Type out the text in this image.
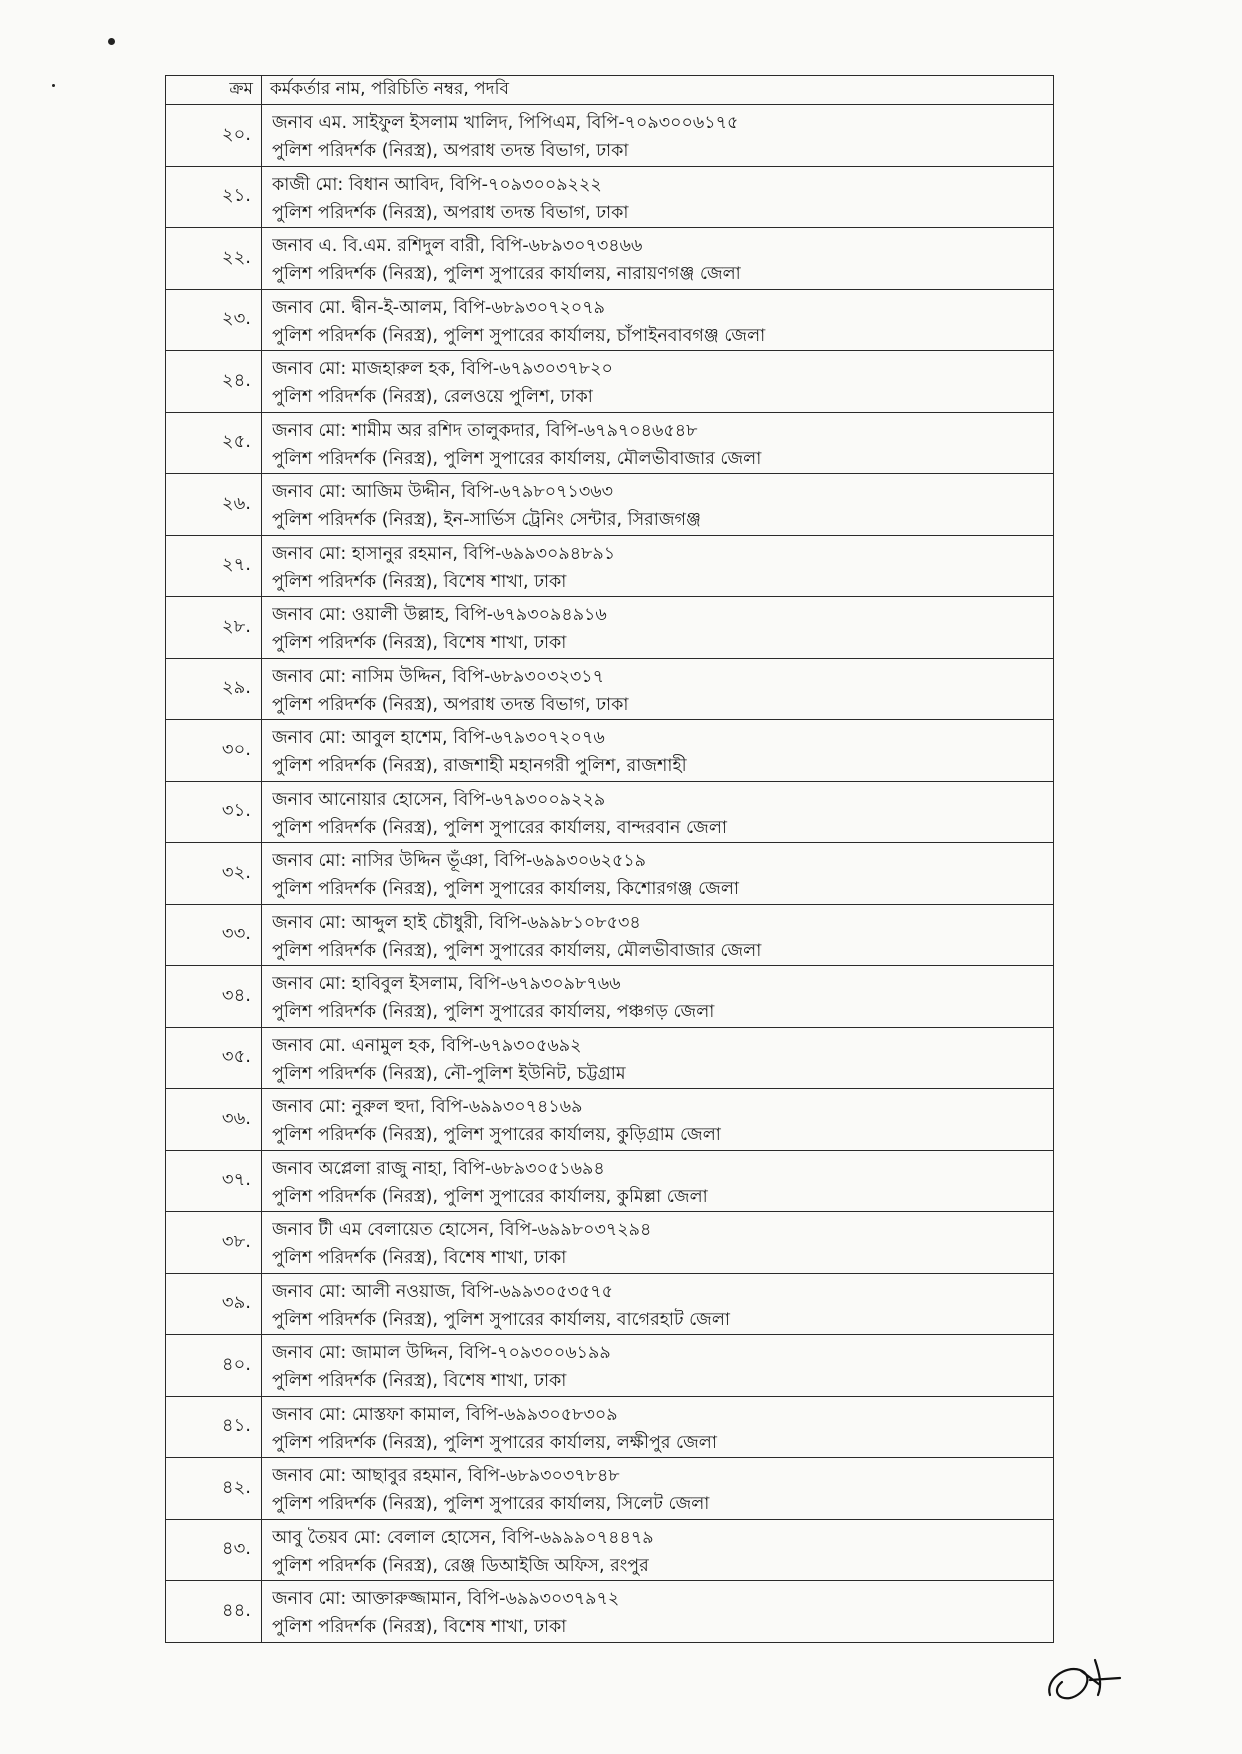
ক্রম	কর্মকর্তার নাম, পরিচিতি নম্বর, পদবি
২০.	জনাব এম. সাইফুল ইসলাম খালিদ, পিপিএম, বিপি-৭০৯৩০০৬১৭৫
পুলিশ পরিদর্শক (নিরস্ত্র), অপরাধ তদন্ত বিভাগ, ঢাকা

২১.	কাজী মো: বিধান আবিদ, বিপি-৭০৯৩০০৯২২২
পুলিশ পরিদর্শক (নিরস্ত্র), অপরাধ তদন্ত বিভাগ, ঢাকা

২২.	জনাব এ. বি.এম. রশিদুল বারী, বিপি-৬৮৯৩০৭৩৪৬৬
পুলিশ পরিদর্শক (নিরস্ত্র), পুলিশ সুপারের কার্যালয়, নারায়ণগঞ্জ জেলা

২৩.	জনাব মো. দ্বীন-ই-আলম, বিপি-৬৮৯৩০৭২০৭৯
পুলিশ পরিদর্শক (নিরস্ত্র), পুলিশ সুপারের কার্যালয়, চাঁপাইনবাবগঞ্জ জেলা

২৪.	জনাব মো: মাজহারুল হক, বিপি-৬৭৯৩০৩৭৮২০
পুলিশ পরিদর্শক (নিরস্ত্র), রেলওয়ে পুলিশ, ঢাকা

২৫.	জনাব মো: শামীম অর রশিদ তালুকদার, বিপি-৬৭৯৭০৪৬৫৪৮
পুলিশ পরিদর্শক (নিরস্ত্র), পুলিশ সুপারের কার্যালয়, মৌলভীবাজার জেলা

২৬.	জনাব মো: আজিম উদ্দীন, বিপি-৬৭৯৮০৭১৩৬৩
পুলিশ পরিদর্শক (নিরস্ত্র), ইন-সার্ভিস ট্রেনিং সেন্টার, সিরাজগঞ্জ

২৭.	জনাব মো: হাসানুর রহমান, বিপি-৬৯৯৩০৯৪৮৯১
পুলিশ পরিদর্শক (নিরস্ত্র), বিশেষ শাখা, ঢাকা

২৮.	জনাব মো: ওয়ালী উল্লাহ, বিপি-৬৭৯৩০৯৪৯১৬
পুলিশ পরিদর্শক (নিরস্ত্র), বিশেষ শাখা, ঢাকা

২৯.	জনাব মো: নাসিম উদ্দিন, বিপি-৬৮৯৩০৩২৩১৭
পুলিশ পরিদর্শক (নিরস্ত্র), অপরাধ তদন্ত বিভাগ, ঢাকা

৩০.	জনাব মো: আবুল হাশেম, বিপি-৬৭৯৩০৭২০৭৬
পুলিশ পরিদর্শক (নিরস্ত্র), রাজশাহী মহানগরী পুলিশ, রাজশাহী

৩১.	জনাব আনোয়ার হোসেন, বিপি-৬৭৯৩০০৯২২৯
পুলিশ পরিদর্শক (নিরস্ত্র), পুলিশ সুপারের কার্যালয়, বান্দরবান জেলা

৩২.	জনাব মো: নাসির উদ্দিন ভূঁঞা, বিপি-৬৯৯৩০৬২৫১৯
পুলিশ পরিদর্শক (নিরস্ত্র), পুলিশ সুপারের কার্যালয়, কিশোরগঞ্জ জেলা

৩৩.	জনাব মো: আব্দুল হাই চৌধুরী, বিপি-৬৯৯৮১০৮৫৩৪
পুলিশ পরিদর্শক (নিরস্ত্র), পুলিশ সুপারের কার্যালয়, মৌলভীবাজার জেলা

৩৪.	জনাব মো: হাবিবুল ইসলাম, বিপি-৬৭৯৩০৯৮৭৬৬
পুলিশ পরিদর্শক (নিরস্ত্র), পুলিশ সুপারের কার্যালয়, পঞ্চগড় জেলা

৩৫.	জনাব মো. এনামুল হক, বিপি-৬৭৯৩০৫৬৯২
পুলিশ পরিদর্শক (নিরস্ত্র), নৌ-পুলিশ ইউনিট, চট্টগ্রাম

৩৬.	জনাব মো: নুরুল হুদা, বিপি-৬৯৯৩০৭৪১৬৯
পুলিশ পরিদর্শক (নিরস্ত্র), পুলিশ সুপারের কার্যালয়, কুড়িগ্রাম জেলা

৩৭.	জনাব অপ্লেলা রাজু নাহা, বিপি-৬৮৯৩০৫১৬৯৪
পুলিশ পরিদর্শক (নিরস্ত্র), পুলিশ সুপারের কার্যালয়, কুমিল্লা জেলা

৩৮.	জনাব টী এম বেলায়েত হোসেন, বিপি-৬৯৯৮০৩৭২৯৪
পুলিশ পরিদর্শক (নিরস্ত্র), বিশেষ শাখা, ঢাকা

৩৯.	জনাব মো: আলী নওয়াজ, বিপি-৬৯৯৩০৫৩৫৭৫
পুলিশ পরিদর্শক (নিরস্ত্র), পুলিশ সুপারের কার্যালয়, বাগেরহাট জেলা

৪০.	জনাব মো: জামাল উদ্দিন, বিপি-৭০৯৩০০৬১৯৯
পুলিশ পরিদর্শক (নিরস্ত্র), বিশেষ শাখা, ঢাকা

৪১.	জনাব মো: মোস্তফা কামাল, বিপি-৬৯৯৩০৫৮৩০৯
পুলিশ পরিদর্শক (নিরস্ত্র), পুলিশ সুপারের কার্যালয়, লক্ষীপুর জেলা

৪২.	জনাব মো: আছাবুর রহমান, বিপি-৬৮৯৩০৩৭৮৪৮
পুলিশ পরিদর্শক (নিরস্ত্র), পুলিশ সুপারের কার্যালয়, সিলেট জেলা

৪৩.	আবু তৈয়ব মো: বেলাল হোসেন, বিপি-৬৯৯৯০৭৪৪৭৯
পুলিশ পরিদর্শক (নিরস্ত্র), রেঞ্জ ডিআইজি অফিস, রংপুর

৪৪.	জনাব মো: আক্তারুজ্জামান, বিপি-৬৯৯৩০৩৭৯৭২
পুলিশ পরিদর্শক (নিরস্ত্র), বিশেষ শাখা, ঢাকা
